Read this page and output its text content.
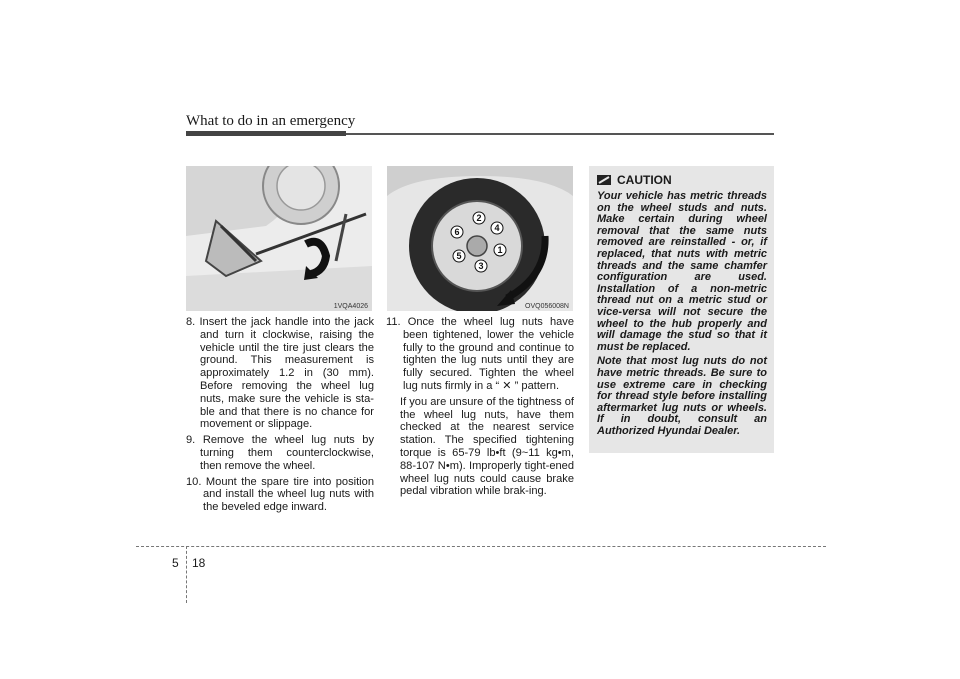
What to do in an emergency
1VQA4026
2
4
1
3
5
6
OVQ056008N
8. Insert the jack handle into the jack and turn it clockwise, raising the vehicle until the tire just clears the ground. This measurement is approximately 1.2 in (30 mm). Before removing the wheel lug nuts, make sure the vehicle is sta-ble and that there is no chance for movement or slippage.
9. Remove the wheel lug nuts by turning them counterclockwise, then remove the wheel.
10. Mount the spare tire into position and install the wheel lug nuts with the beveled edge inward.
11. Once the wheel lug nuts have been tightened, lower the vehicle fully to the ground and continue to tighten the lug nuts until they are fully secured. Tighten the wheel lug nuts firmly in a “ ✕ ” pattern.
If you are unsure of the tightness of the wheel lug nuts, have them checked at the nearest service station. The specified tightening torque is 65-79 lb•ft (9~11 kg•m, 88-107 N•m). Improperly tight-ened wheel lug nuts could cause brake pedal vibration while brak-ing.
CAUTION

Your vehicle has metric threads on the wheel studs and nuts. Make certain during wheel removal that the same nuts removed are reinstalled - or, if replaced, that nuts with metric threads and the same chamfer configuration are used. Installation of a non-metric thread nut on a metric stud or vice-versa will not secure the wheel to the hub properly and will damage the stud so that it must be replaced.

Note that most lug nuts do not have metric threads. Be sure to use extreme care in checking for thread style before installing aftermarket lug nuts or wheels. If in doubt, consult an Authorized Hyundai Dealer.

5 18
